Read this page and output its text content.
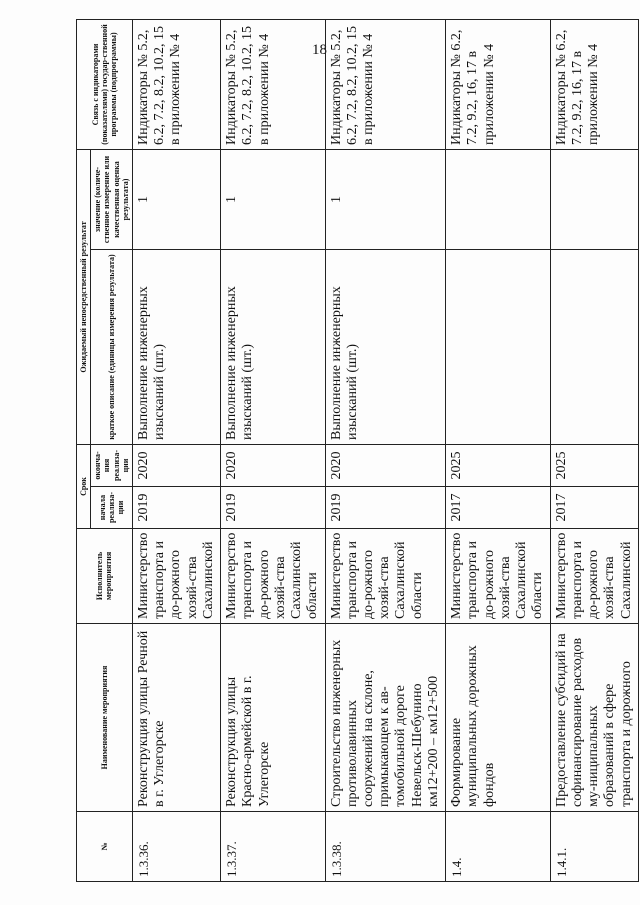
18
№	Наименование мероприятия	Исполнитель мероприятия	Срок		Ожидаемый непосредственный результат		Связь с индикаторами (показателями) государ-ственной программы (подпрограммы)
			начала реализа-ции	оконча-ния реализа-ции	краткое описание (единицы измерения результата)	значение (количе-ственное измерение или качественная оценка результата)	
1.3.36.	Реконструкция улицы Речной в г. Углегорске	Министерство транспорта и до-рожного хозяй-ства Сахалинской	2019	2020	Выполнение инженерных изысканий (шт.)	1	Индикаторы № 5.2, 6.2, 7.2, 8.2, 10.2, 15 в приложении № 4
1.3.37.	Реконструкция улицы Красно-армейской в г. Углегорске	Министерство транспорта и до-рожного хозяй-ства Сахалинской области	2019	2020	Выполнение инженерных изысканий (шт.)	1	Индикаторы № 5.2, 6.2, 7.2, 8.2, 10.2, 15 в приложении № 4
1.3.38.	Строительство инженерных противолавинных сооружений на склоне, примыкающем к ав-томобильной дороге Невельск-Шебунино км12+200 – км12+500	Министерство транспорта и до-рожного хозяй-ства Сахалинской области	2019	2020	Выполнение инженерных изысканий (шт.)	1	Индикаторы № 5.2, 6.2, 7.2, 8.2, 10.2, 15 в приложении № 4
1.4.	Формирование муниципальных дорожных фондов	Министерство транспорта и до-рожного хозяй-ства Сахалинской области	2017	2025			Индикаторы № 6.2, 7.2, 9.2, 16, 17 в приложении № 4
1.4.1.	Предоставление субсидий на софинансирование расходов му-ниципальных образований в сфере транспорта и дорожного	Министерство транспорта и до-рожного хозяй-ства Сахалинской	2017	2025			Индикаторы № 6.2, 7.2, 9.2, 16, 17 в приложении № 4
